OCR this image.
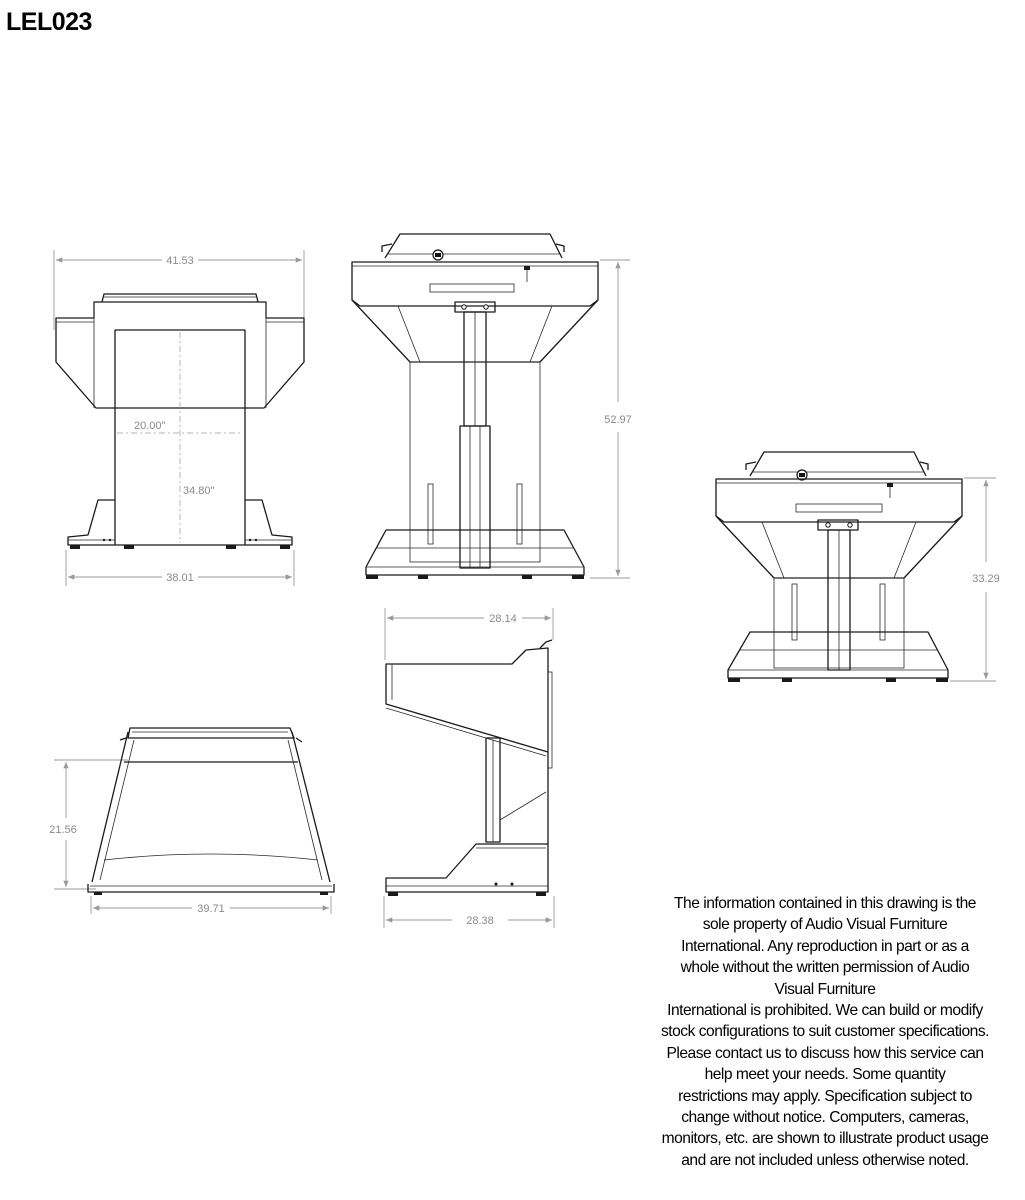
LEL023
41.53
20.00"
34.80"
38.01
52.97
33.29
28.14
28.38
21.56
39.71	The information contained in this drawing is the
sole property of Audio Visual Furniture
International. Any reproduction in part or as a
whole without the written permission of Audio
Visual Furniture
International is prohibited. We can build or modify
stock configurations to suit customer specifications.
Please contact us to discuss how this service can
help meet your needs. Some quantity
restrictions may apply. Specification subject to
change without notice. Computers, cameras,
monitors, etc. are shown to illustrate product usage
and are not included unless otherwise noted.
